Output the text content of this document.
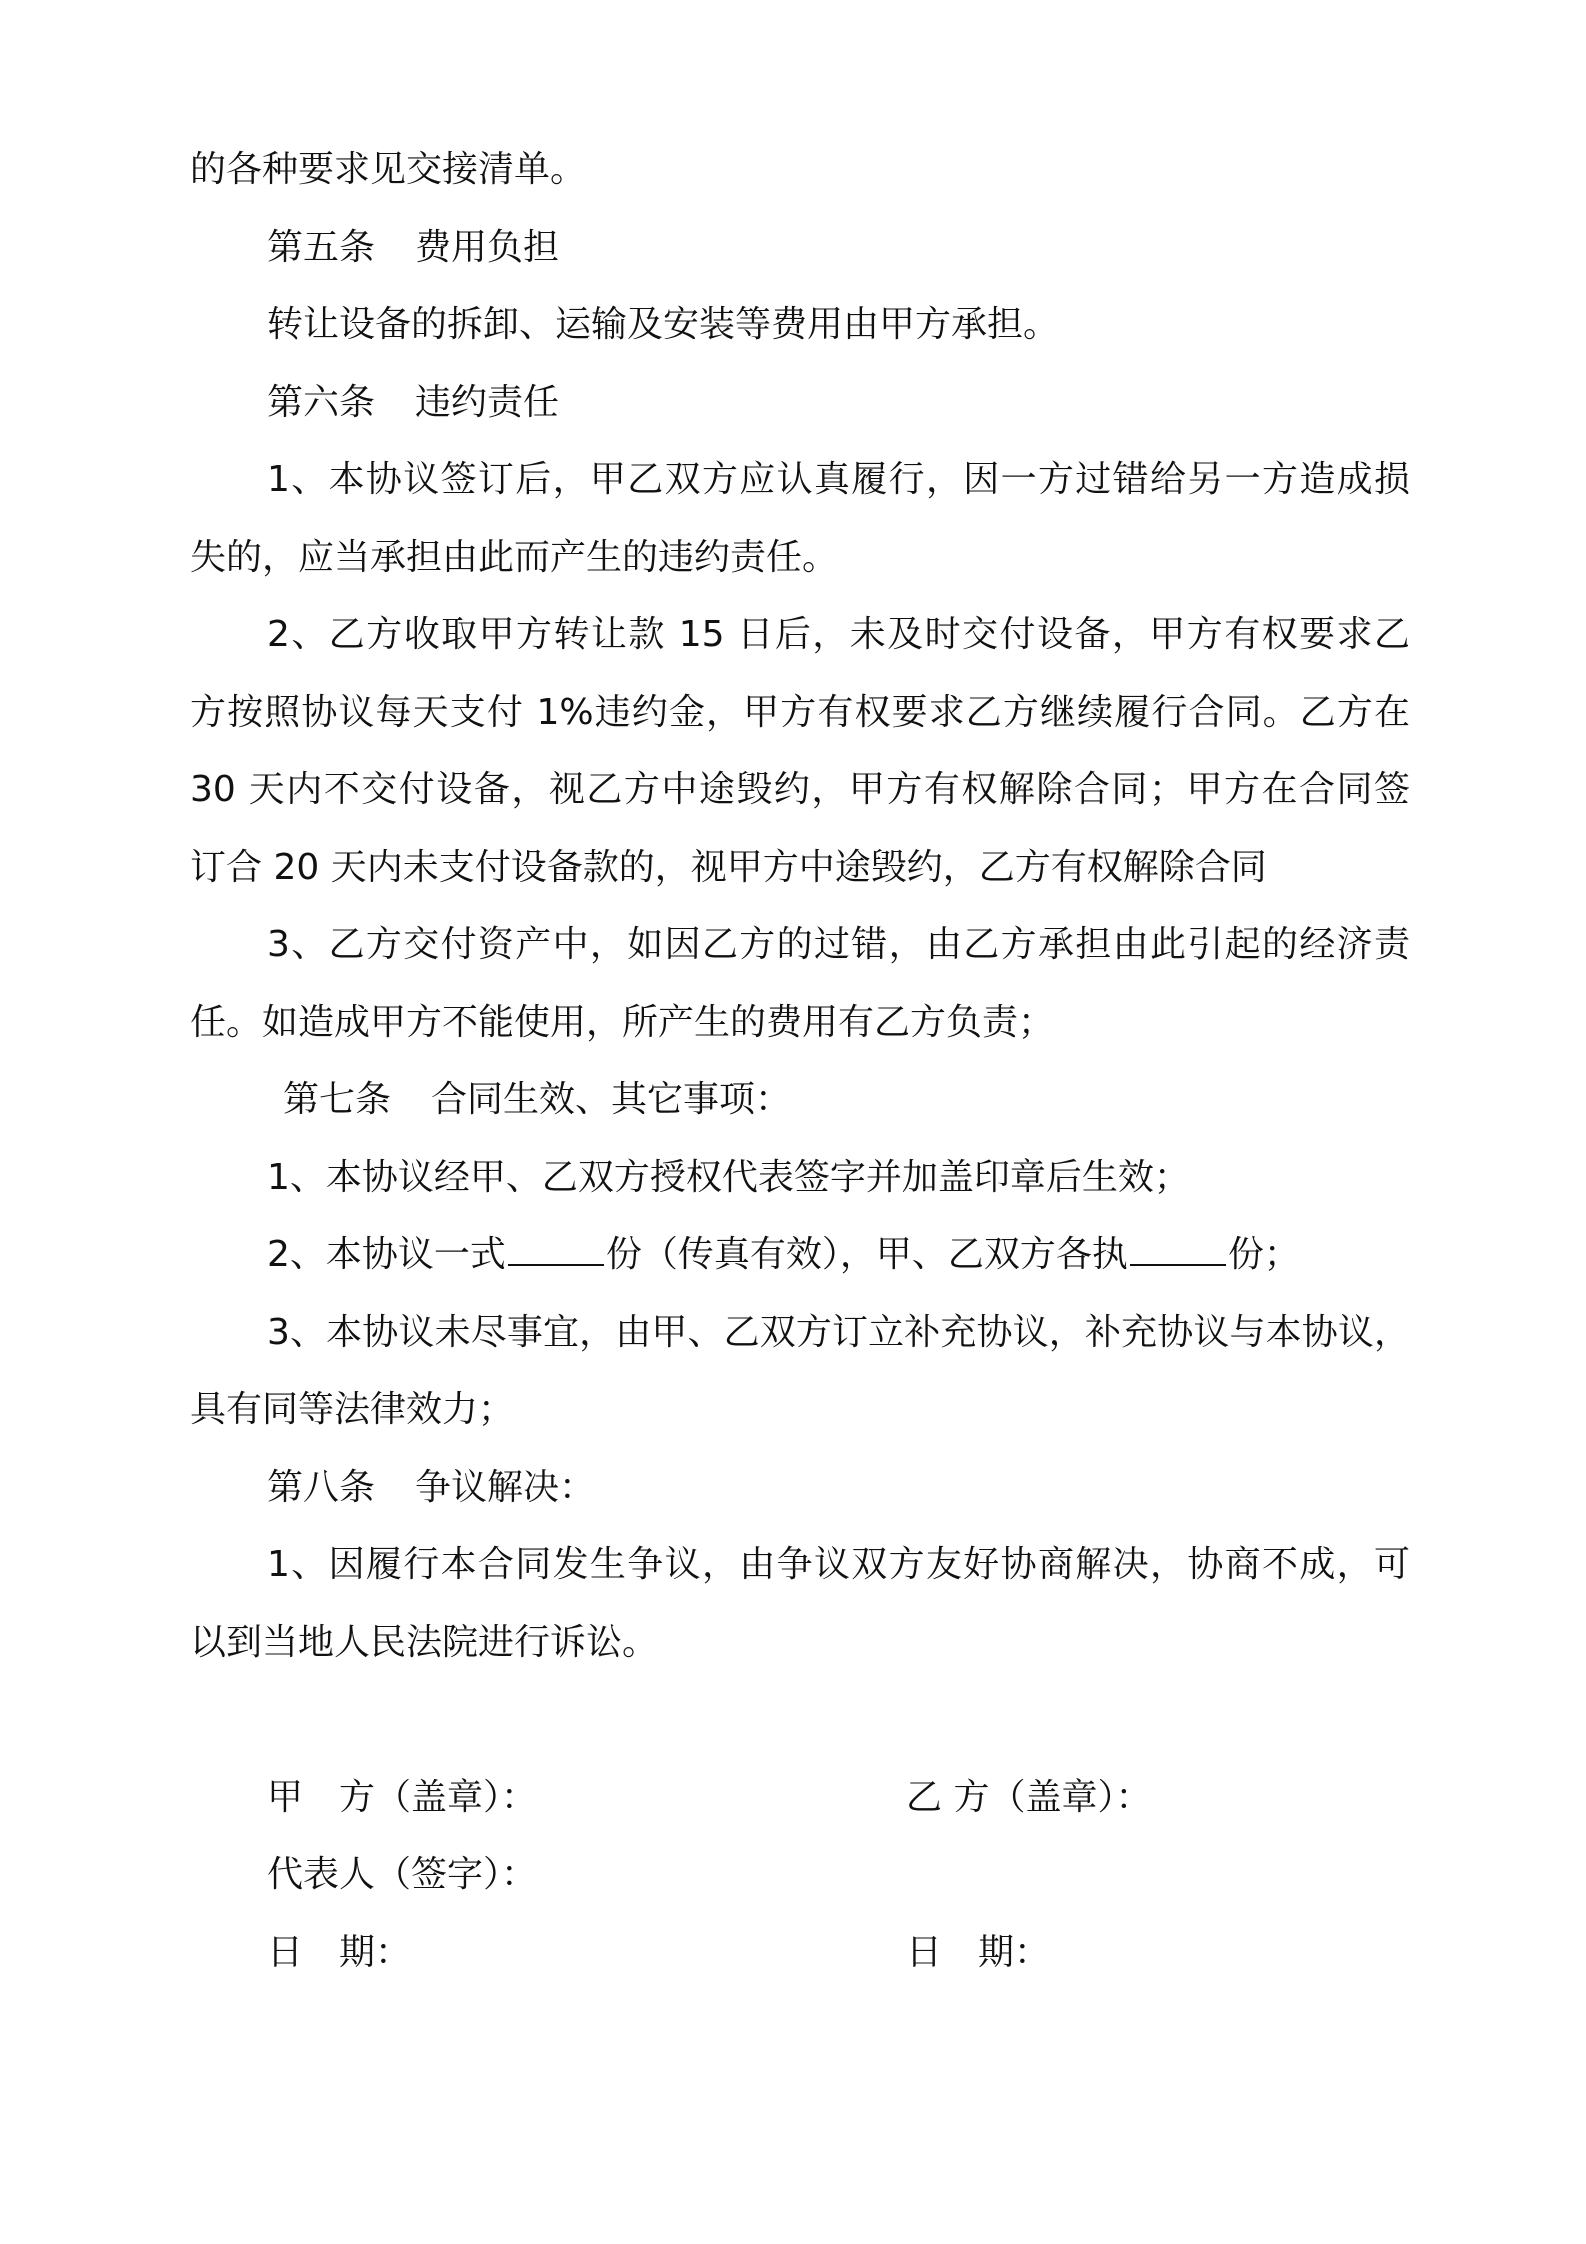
的各种要求见交接清单。
第五条 费用负担
转让设备的拆卸、运输及安装等费用由甲方承担。
第六条 违约责任
1、本协议签订后，甲乙双方应认真履行，因一方过错给另一方造成损
失的，应当承担由此而产生的违约责任。
2、乙方收取甲方转让款 15 日后，未及时交付设备，甲方有权要求乙
方按照协议每天支付 1%违约金，甲方有权要求乙方继续履行合同。乙方在
30 天内不交付设备，视乙方中途毁约，甲方有权解除合同；甲方在合同签
订合 20 天内未支付设备款的，视甲方中途毁约，乙方有权解除合同
3、乙方交付资产中，如因乙方的过错，由乙方承担由此引起的经济责
任。如造成甲方不能使用，所产生的费用有乙方负责；
第七条 合同生效、其它事项：
1、本协议经甲、乙双方授权代表签字并加盖印章后生效；
2、本协议一式	份（传真有效），甲、乙双方各执	份；
3、本协议未尽事宜，由甲、乙双方订立补充协议，补充协议与本协议，
具有同等法律效力；
第八条 争议解决：
1、因履行本合同发生争议，由争议双方友好协商解决，协商不成，可
以到当地人民法院进行诉讼。
甲　方（盖章）：	乙 方（盖章）：
代表人（签字）：
日　期：	日　期：
